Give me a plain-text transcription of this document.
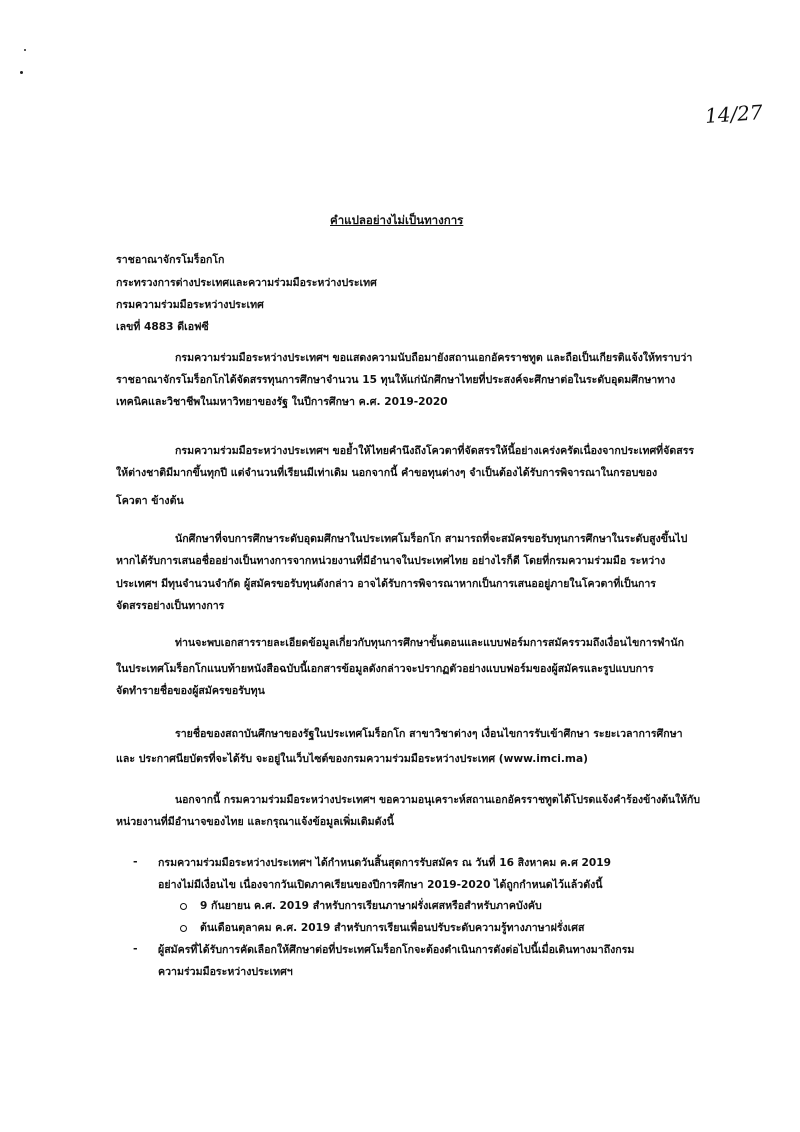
14/27
คำแปลอย่างไม่เป็นทางการ
ราชอาณาจักรโมร็อกโก
กระทรวงการต่างประเทศและความร่วมมือระหว่างประเทศ
กรมความร่วมมือระหว่างประเทศ
เลขที่ 4883 ดีเอฟซี
กรมความร่วมมือระหว่างประเทศฯ ขอแสดงความนับถือมายังสถานเอกอัครราชทูต และถือเป็นเกียรติแจ้งให้ทราบว่า
ราชอาณาจักรโมร็อกโกได้จัดสรรทุนการศึกษาจำนวน 15 ทุนให้แก่นักศึกษาไทยที่ประสงค์จะศึกษาต่อในระดับอุดมศึกษาทาง
เทคนิคและวิชาชีพในมหาวิทยาของรัฐ ในปีการศึกษา ค.ศ. 2019-2020
กรมความร่วมมือระหว่างประเทศฯ ขอย้ำให้ไทยคำนึงถึงโควตาที่จัดสรรให้นี้อย่างเคร่งครัดเนื่องจากประเทศที่จัดสรร
ให้ต่างชาติมีมากขึ้นทุกปี แต่จำนวนที่เรียนมีเท่าเดิม นอกจากนี้ คำขอทุนต่างๆ จำเป็นต้องได้รับการพิจารณาในกรอบของ
โควตา ข้างต้น
นักศึกษาที่จบการศึกษาระดับอุดมศึกษาในประเทศโมร็อกโก สามารถที่จะสมัครขอรับทุนการศึกษาในระดับสูงขึ้นไป
หากได้รับการเสนอชื่ออย่างเป็นทางการจากหน่วยงานที่มีอำนาจในประเทศไทย อย่างไรก็ดี โดยที่กรมความร่วมมือ ระหว่าง
ประเทศฯ มีทุนจำนวนจำกัด ผู้สมัครขอรับทุนดังกล่าว อาจได้รับการพิจารณาหากเป็นการเสนออยู่ภายในโควตาที่เป็นการ
จัดสรรอย่างเป็นทางการ
ท่านจะพบเอกสารรายละเอียดข้อมูลเกี่ยวกับทุนการศึกษาขั้นตอนและแบบฟอร์มการสมัครรวมถึงเงื่อนไขการพำนัก
ในประเทศโมร็อกโกแนบท้ายหนังสือฉบับนี้เอกสารข้อมูลดังกล่าวจะปรากฏตัวอย่างแบบฟอร์มของผู้สมัครและรูปแบบการ
จัดทำรายชื่อของผู้สมัครขอรับทุน
รายชื่อของสถาบันศึกษาของรัฐในประเทศโมร็อกโก สาขาวิชาต่างๆ เงื่อนไขการรับเข้าศึกษา ระยะเวลาการศึกษา
และ ประกาศนียบัตรที่จะได้รับ จะอยู่ในเว็บไซต์ของกรมความร่วมมือระหว่างประเทศ (www.imci.ma)
นอกจากนี้ กรมความร่วมมือระหว่างประเทศฯ ขอความอนุเคราะห์สถานเอกอัครราชทูตได้โปรดแจ้งคำร้องข้างต้นให้กับ
หน่วยงานที่มีอำนาจของไทย และกรุณาแจ้งข้อมูลเพิ่มเติมดังนี้
- กรมความร่วมมือระหว่างประเทศฯ ได้กำหนดวันสิ้นสุดการรับสมัคร ณ วันที่ 16 สิงหาคม ค.ศ 2019
อย่างไม่มีเงื่อนไข เนื่องจากวันเปิดภาคเรียนของปีการศึกษา 2019-2020 ได้ถูกกำหนดไว้แล้วดังนี้
9 กันยายน ค.ศ. 2019 สำหรับการเรียนภาษาฝรั่งเศสหรือสำหรับภาคบังคับ
ต้นเดือนตุลาคม ค.ศ. 2019 สำหรับการเรียนเพื่อนปรับระดับความรู้ทางภาษาฝรั่งเศส
- ผู้สมัครที่ได้รับการคัดเลือกให้ศึกษาต่อที่ประเทศโมร็อกโกจะต้องดำเนินการดังต่อไปนี้เมื่อเดินทางมาถึงกรม
ความร่วมมือระหว่างประเทศฯ
